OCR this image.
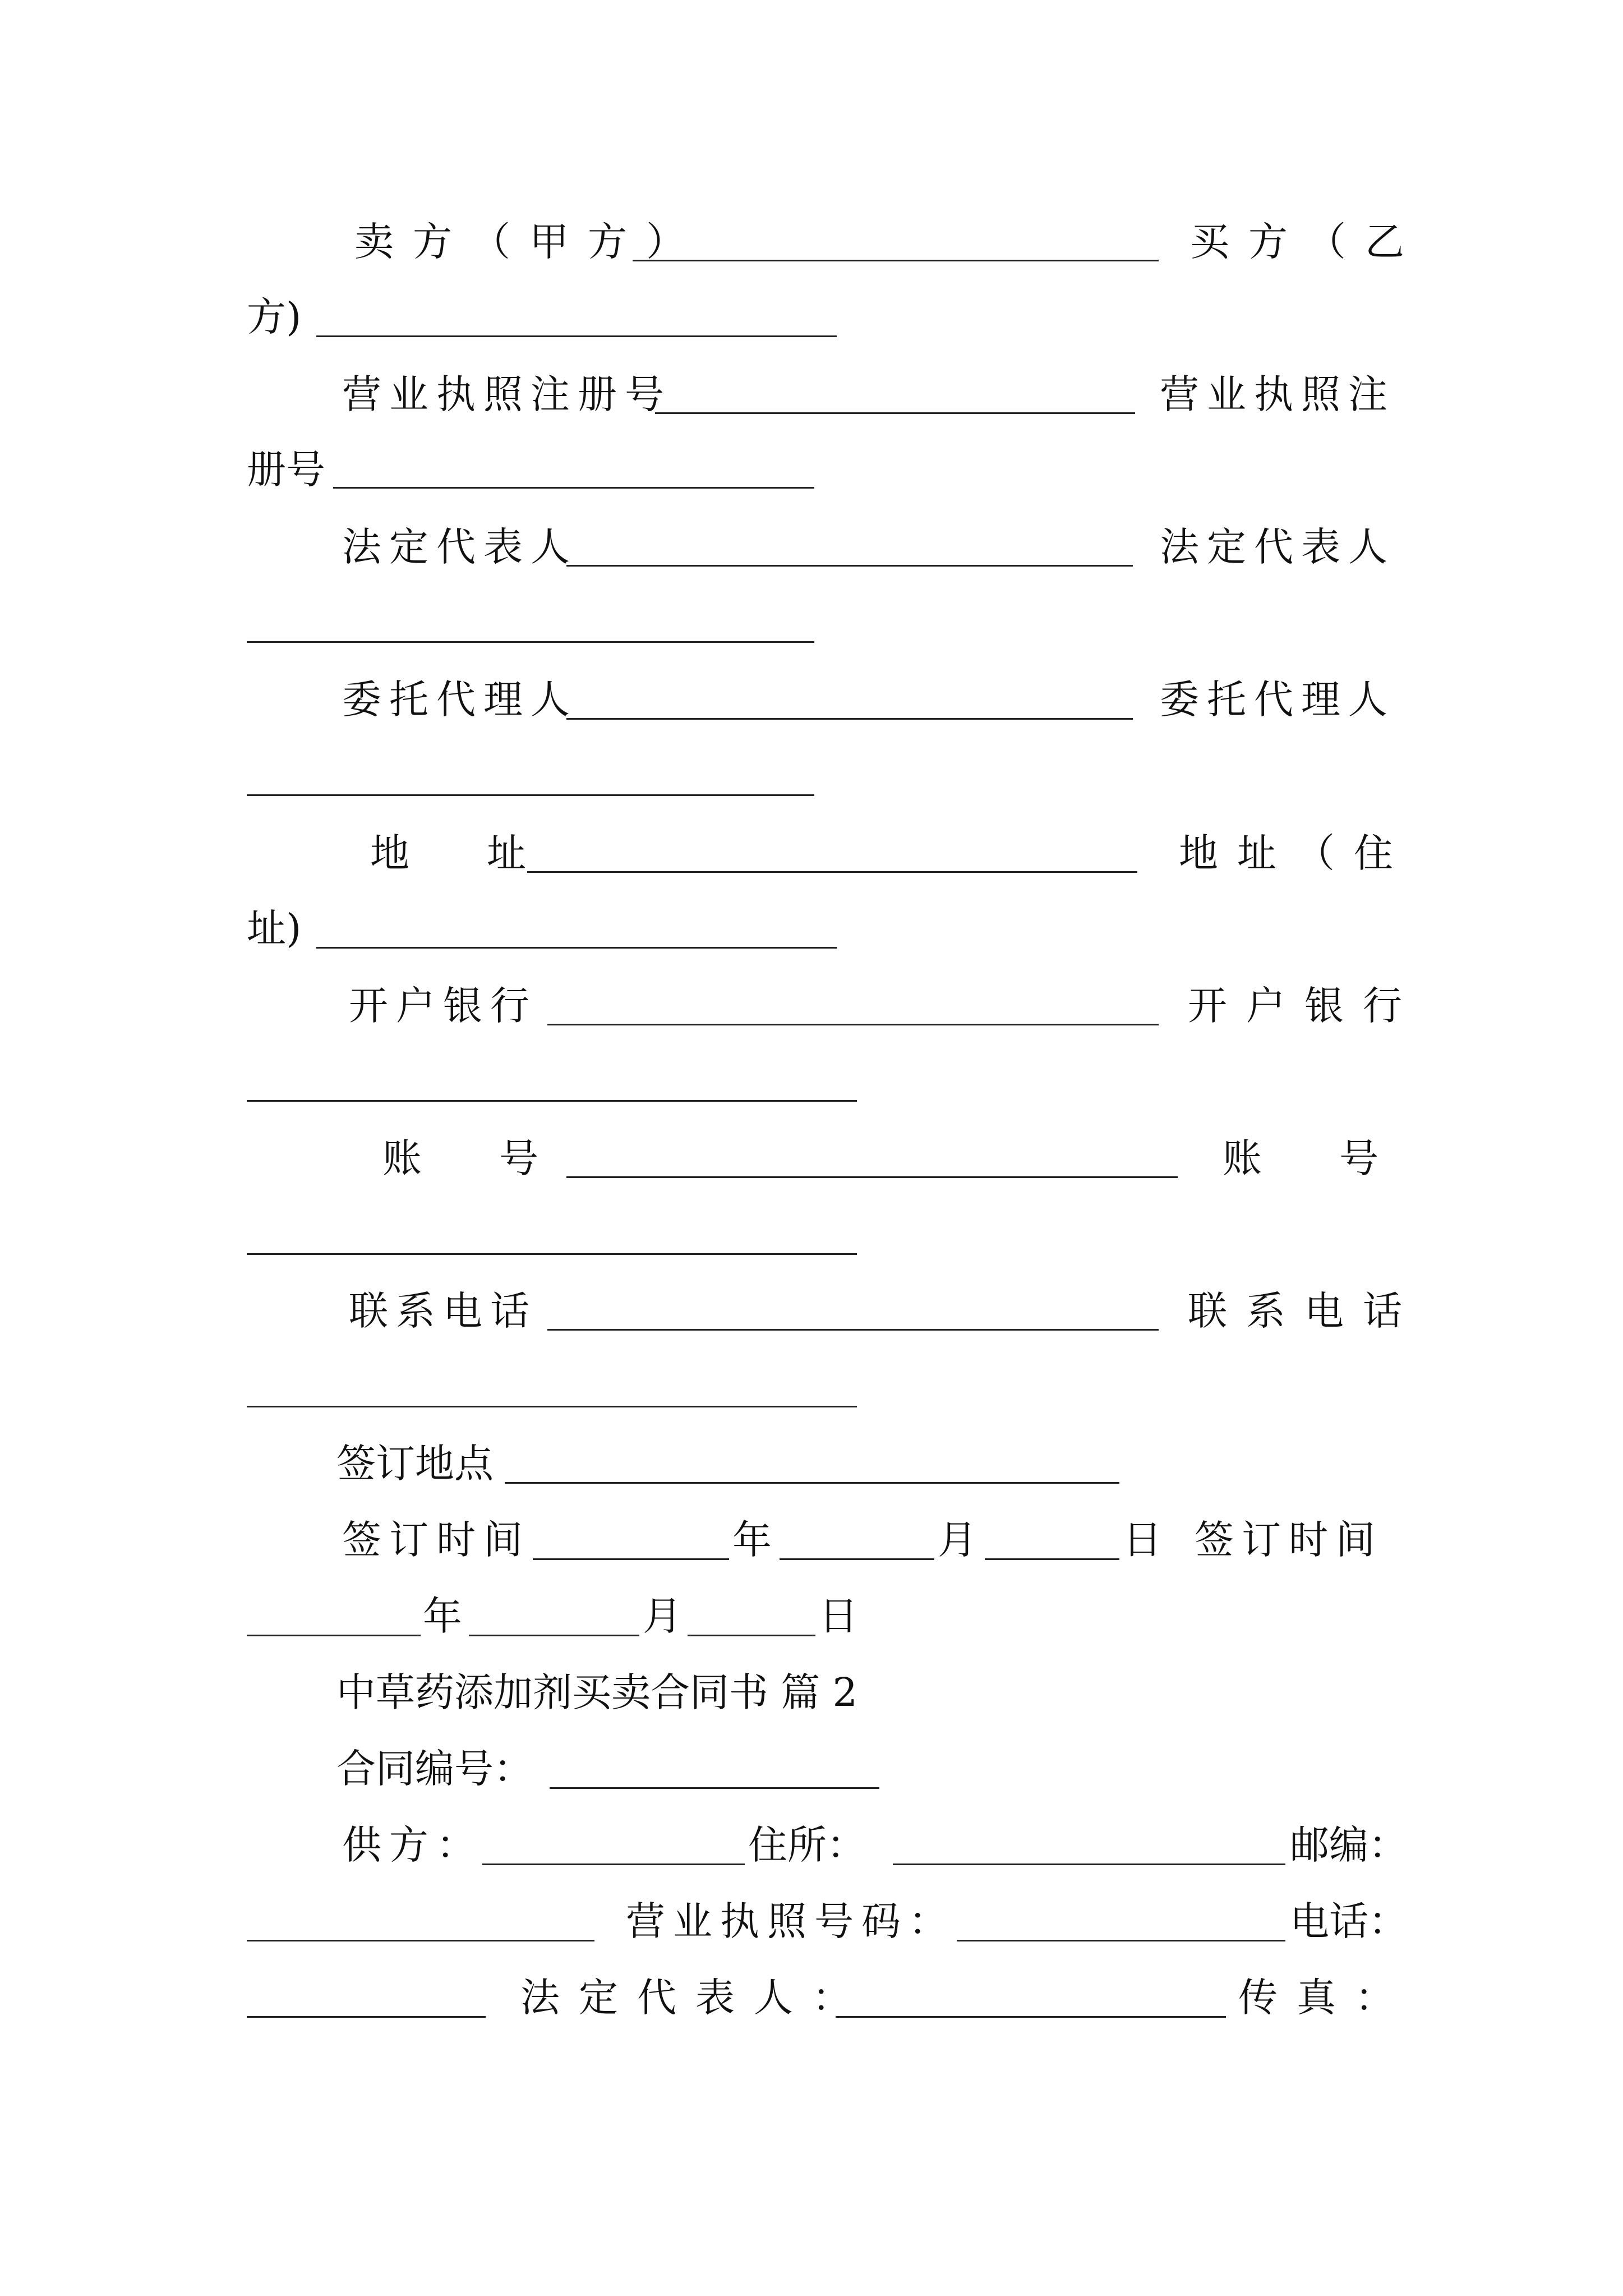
卖方（甲方）	买方（乙
方)
营业执照注册号	营业执照注
册号
法定代表人	法定代表人
委托代理人	委托代理人
地　址	地址（住
址)
开户银行	开户银行
账　号	账　号
联系电话	联系电话
签订地点
签订时间	年	月	日 签订时间
年	月	日
中草药添加剂买卖合同书 篇 2
合同编号：
供方：	住所：	邮编：
营业执照号码：	电话：
法定代表人：	传真：
